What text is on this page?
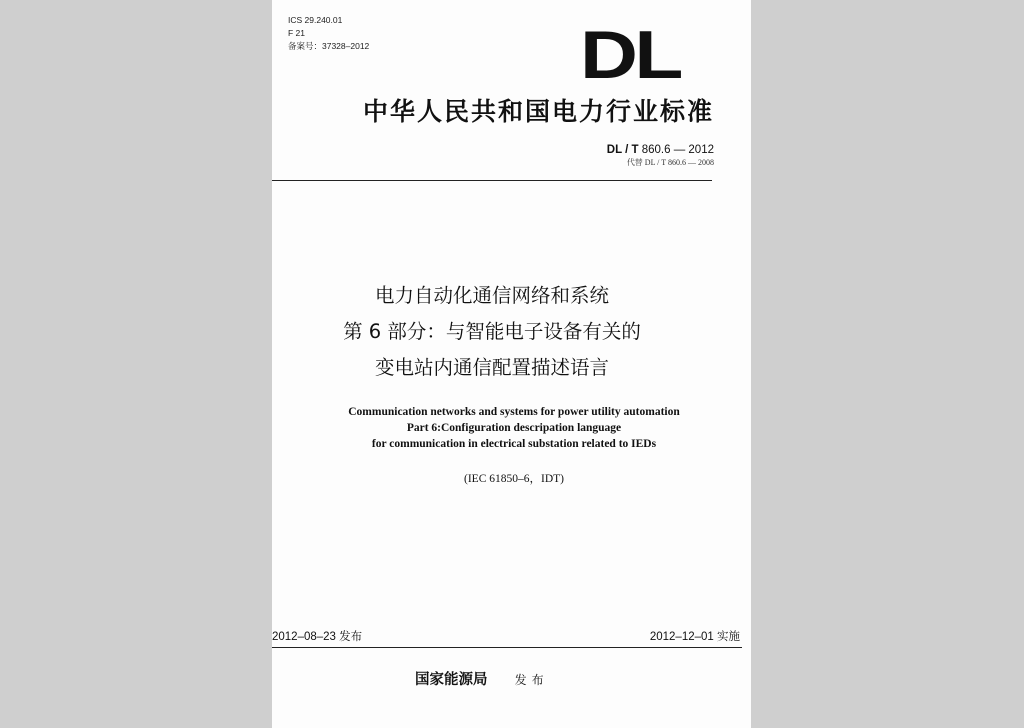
ICS 29.240.01
F 21
备案号：37328–2012	DL
中华人民共和国电力行业标准
DL / T 860.6 — 2012
代替 DL / T 860.6 — 2008
电力自动化通信网络和系统
第 6 部分：与智能电子设备有关的
变电站内通信配置描述语言
Communication networks and systems for power utility automation
Part 6:Configuration descripation language
for communication in electrical substation related to IEDs
(IEC 61850–6，IDT)
2012–08–23 发布	2012–12–01 实施
国家能源局 发布
